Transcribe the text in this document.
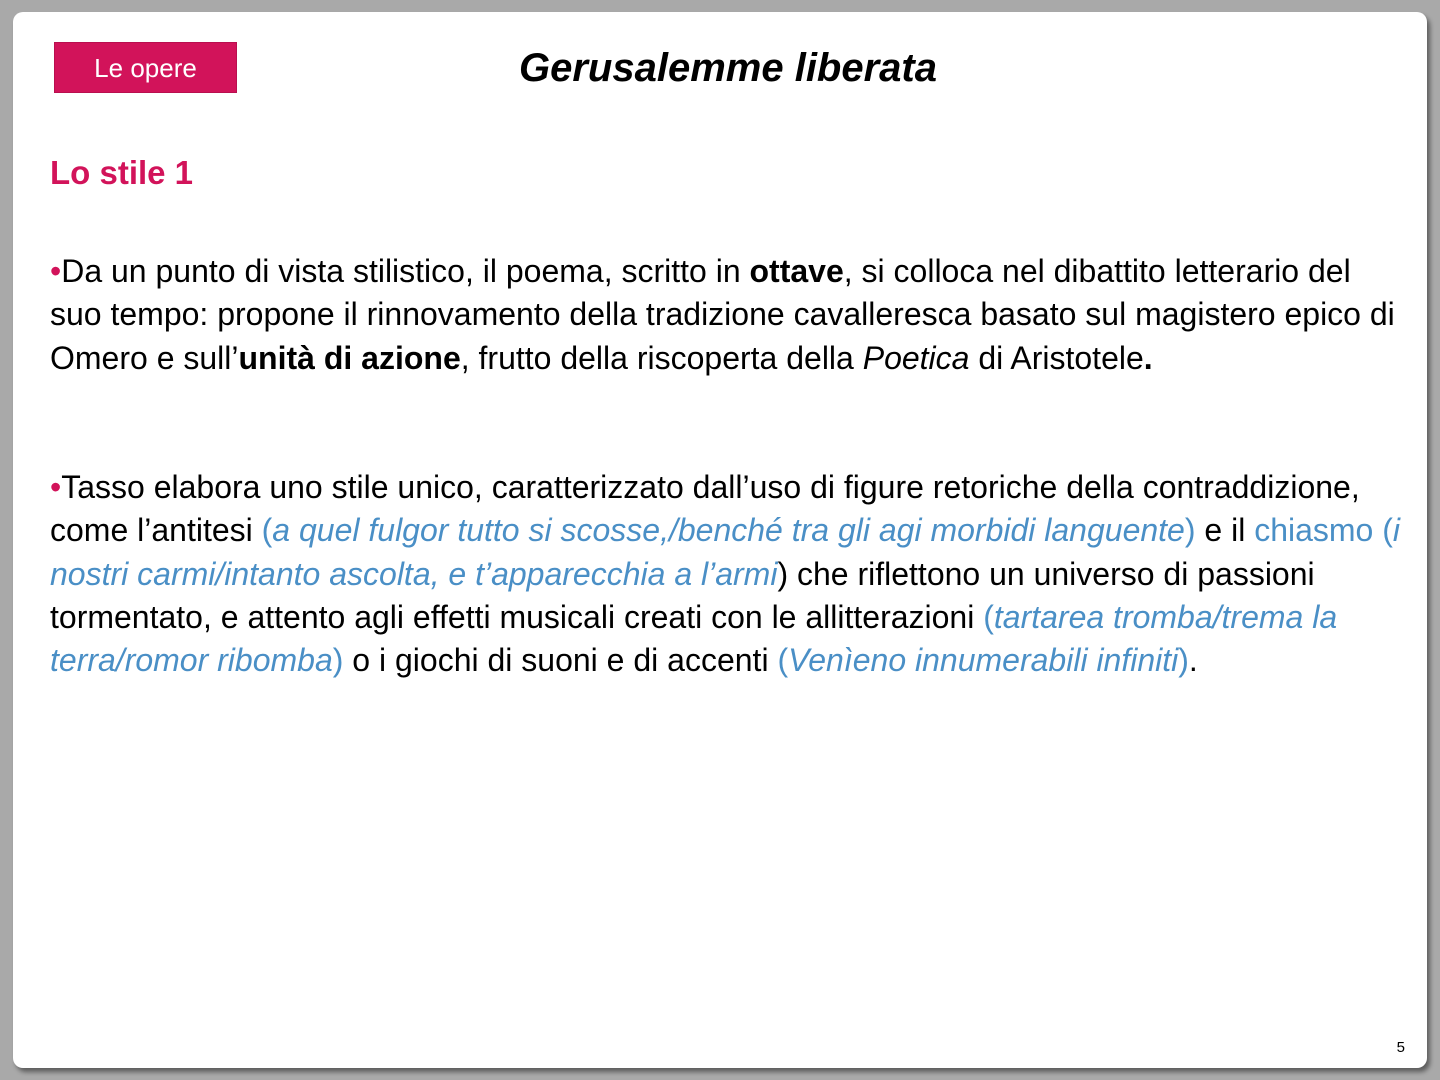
Le opere	Gerusalemme liberata
Lo stile 1

•Da un punto di vista stilistico, il poema, scritto in ottave, si colloca nel dibattito letterario del suo tempo: propone il rinnovamento della tradizione cavalleresca basato sul magistero epico di Omero e sull’unità di azione, frutto della riscoperta della Poetica di Aristotele.

•Tasso elabora uno stile unico, caratterizzato dall’uso di figure retoriche della contraddizione, come l’antitesi (a quel fulgor tutto si scosse,/benché tra gli agi morbidi languente) e il chiasmo (i nostri carmi/intanto ascolta, e t’apparecchia a l’armi) che riflettono un universo di passioni tormentato, e attento agli effetti musicali creati con le allitterazioni (tartarea tromba/trema la terra/romor ribomba) o i giochi di suoni e di accenti (Venìeno innumerabili infiniti).

5
